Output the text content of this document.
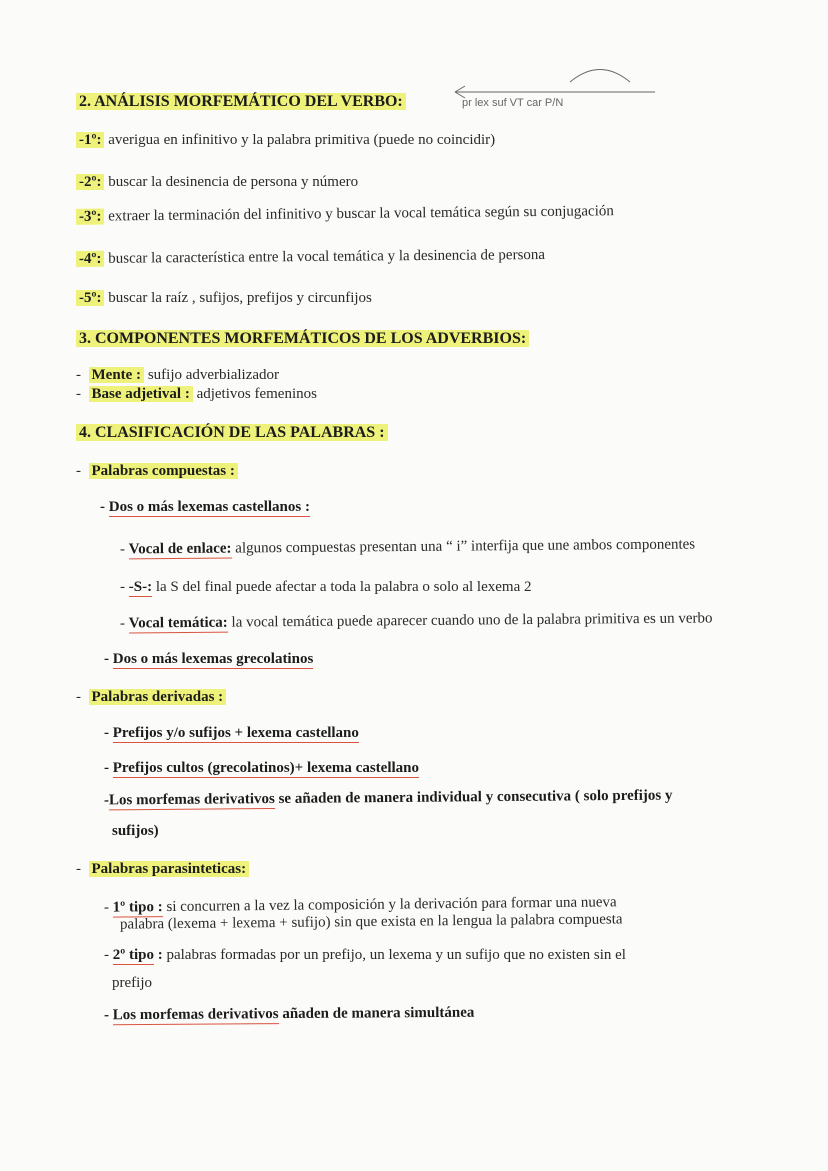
2. ANÁLISIS MORFEMÁTICO DEL VERBO:	pr lex suf VT car P/N
-1º: averigua en infinitivo y la palabra primitiva (puede no coincidir)
-2º: buscar la desinencia de persona y número
-3º: extraer la terminación del infinitivo y buscar la vocal temática según su conjugación
-4º: buscar la característica entre la vocal temática y la desinencia de persona
-5º: buscar la raíz , sufijos, prefijos y circunfijos
3. COMPONENTES MORFEMÁTICOS DE LOS ADVERBIOS:
-  Mente : sufijo adverbializador
-  Base adjetival : adjetivos femeninos
4. CLASIFICACIÓN DE LAS PALABRAS :
-  Palabras compuestas :
- Dos o más lexemas castellanos :
- Vocal de enlace: algunos compuestas presentan una “ i” interfija que une ambos componentes
- -S-: la S del final puede afectar a toda la palabra o solo al lexema 2
- Vocal temática: la vocal temática puede aparecer cuando uno de la palabra primitiva es un verbo
- Dos o más lexemas grecolatinos
-  Palabras derivadas :
- Prefijos y/o sufijos + lexema castellano
- Prefijos cultos (grecolatinos)+ lexema castellano
-Los morfemas derivativos se añaden de manera individual y consecutiva ( solo prefijos y
sufijos)
-  Palabras parasinteticas:
- 1º tipo : si concurren a la vez la composición y la derivación para formar una nueva
palabra (lexema + lexema + sufijo) sin que exista en la lengua la palabra compuesta
- 2º tipo : palabras formadas por un prefijo, un lexema y un sufijo que no existen sin el
prefijo
- Los morfemas derivativos añaden de manera simultánea
